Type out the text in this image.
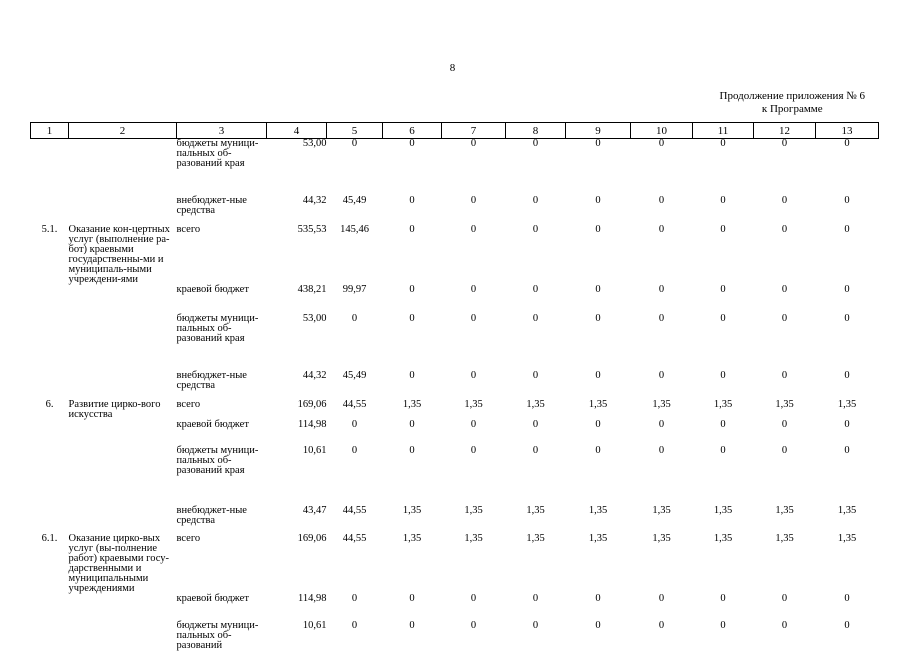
8
Продолжение приложения № 6
к Программе
1	2	3	4	5	6	7	8	9	10	11	12	13
		бюджеты муници-пальных об-разований края	53,00	0	0	0	0	0	0	0	0	0
		внебюджет-ные средства	44,32	45,49	0	0	0	0	0	0	0	0
5.1.	Оказание кон-цертных услуг (выполнение ра-бот) краевыми государственны-ми и муниципаль-ными учреждени-ями	всего	535,53	145,46	0	0	0	0	0	0	0	0
		краевой бюджет	438,21	99,97	0	0	0	0	0	0	0	0
		бюджеты муници-пальных об-разований края	53,00	0	0	0	0	0	0	0	0	0
		внебюджет-ные средства	44,32	45,49	0	0	0	0	0	0	0	0
6.	Развитие цирко-вого искусства	всего	169,06	44,55	1,35	1,35	1,35	1,35	1,35	1,35	1,35	1,35
		краевой бюджет	114,98	0	0	0	0	0	0	0	0	0
		бюджеты муници-пальных об-разований края	10,61	0	0	0	0	0	0	0	0	0
		внебюджет-ные средства	43,47	44,55	1,35	1,35	1,35	1,35	1,35	1,35	1,35	1,35
6.1.	Оказание цирко-вых услуг (вы-полнение работ) краевыми госу-дарственными и муниципальными учреждениями	всего	169,06	44,55	1,35	1,35	1,35	1,35	1,35	1,35	1,35	1,35
		краевой бюджет	114,98	0	0	0	0	0	0	0	0	0
		бюджеты муници-пальных об-разований	10,61	0	0	0	0	0	0	0	0	0
